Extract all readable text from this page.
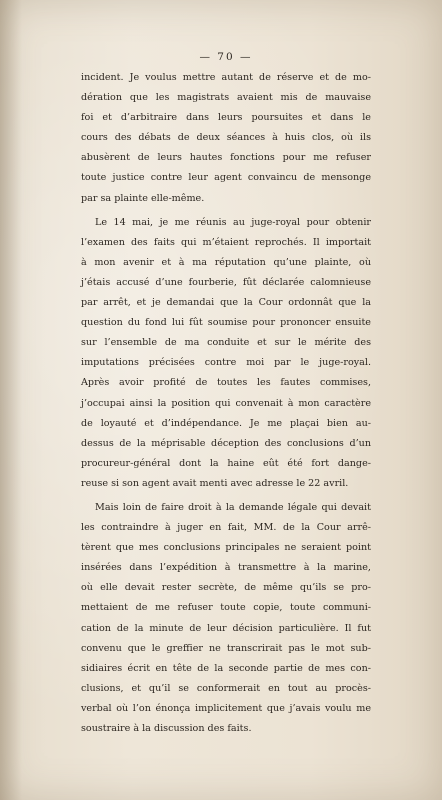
— 70 —
incident. Je voulus mettre autant de réserve et de mo-
dération que les magistrats avaient mis de mauvaise
foi et d’arbitraire dans leurs poursuites et dans le
cours des débats de deux séances à huis clos, où ils
abusèrent de leurs hautes fonctions pour me refuser
toute justice contre leur agent convaincu de mensonge
par sa plainte elle-même.
Le 14 mai, je me réunis au juge-royal pour obtenir
l’examen des faits qui m’étaient reprochés. Il importait
à mon avenir et à ma réputation qu’une plainte, où
j’étais accusé d’une fourberie, fût déclarée calomnieuse
par arrêt, et je demandai que la Cour ordonnât que la
question du fond lui fût soumise pour prononcer ensuite
sur l’ensemble de ma conduite et sur le mérite des
imputations précisées contre moi par le juge-royal.
Après avoir profité de toutes les fautes commises,
j’occupai ainsi la position qui convenait à mon caractère
de loyauté et d’indépendance. Je me plaçai bien au-
dessus de la méprisable déception des conclusions d’un
procureur-général dont la haine eût été fort dange-
reuse si son agent avait menti avec adresse le 22 avril.
Mais loin de faire droit à la demande légale qui devait
les contraindre à juger en fait, MM. de la Cour arrê-
tèrent que mes conclusions principales ne seraient point
insérées dans l’expédition à transmettre à la marine,
où elle devait rester secrète, de même qu’ils se pro-
mettaient de me refuser toute copie, toute communi-
cation de la minute de leur décision particulière. Il fut
convenu que le greffier ne transcrirait pas le mot sub-
sidiaires écrit en tête de la seconde partie de mes con-
clusions, et qu’il se conformerait en tout au procès-
verbal où l’on énonça implicitement que j’avais voulu me
soustraire à la discussion des faits.
